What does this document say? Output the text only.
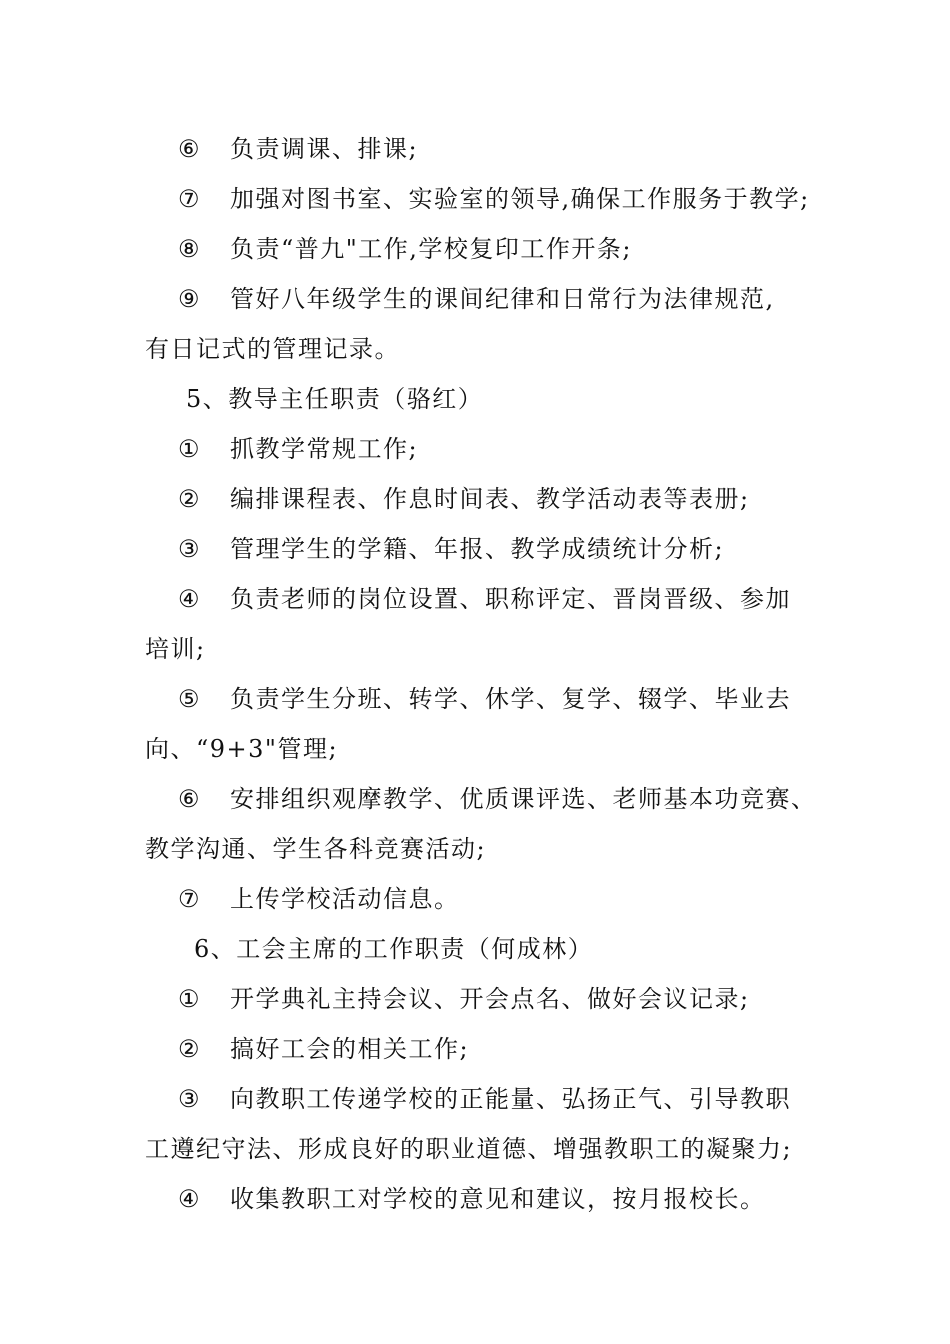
⑥ 负责调课、排课;
⑦ 加强对图书室、实验室的领导,确保工作服务于教学;
⑧ 负责“普九"工作,学校复印工作开条;
⑨ 管好八年级学生的课间纪律和日常行为法律规范,
有日记式的管理记录。
5、教导主任职责（骆红）
① 抓教学常规工作;
② 编排课程表、作息时间表、教学活动表等表册;
③ 管理学生的学籍、年报、教学成绩统计分析;
④ 负责老师的岗位设置、职称评定、晋岗晋级、参加
培训;
⑤ 负责学生分班、转学、休学、复学、辍学、毕业去
向、“9+3"管理;
⑥ 安排组织观摩教学、优质课评选、老师基本功竞赛、
教学沟通、学生各科竞赛活动;
⑦ 上传学校活动信息。
6、工会主席的工作职责（何成林）
① 开学典礼主持会议、开会点名、做好会议记录;
② 搞好工会的相关工作;
③ 向教职工传递学校的正能量、弘扬正气、引导教职
工遵纪守法、形成良好的职业道德、增强教职工的凝聚力;
④ 收集教职工对学校的意见和建议，按月报校长。
